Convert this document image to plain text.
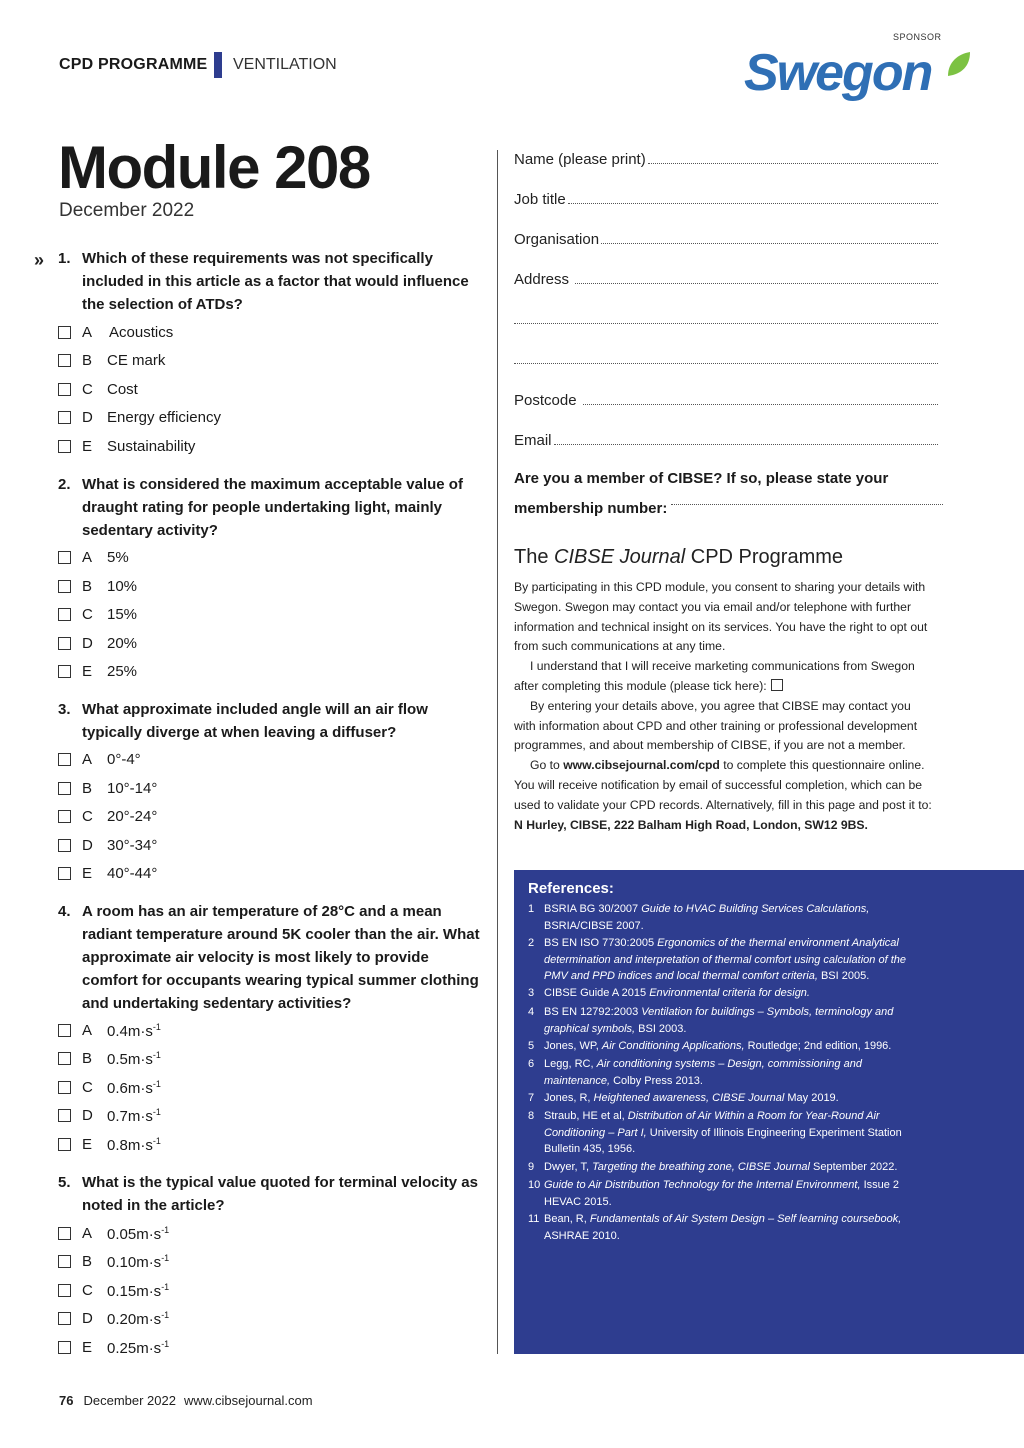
CPD PROGRAMME VENTILATION
SPONSOR
Swegon
Module 208
December 2022
» 1. Which of these requirements was not specifically included in this article as a factor that would influence the selection of ATDs?
A Acoustics
B CE mark
C Cost
D Energy efficiency
E Sustainability
2. What is considered the maximum acceptable value of draught rating for people undertaking light, mainly sedentary activity?
A 5%
B 10%
C 15%
D 20%
E 25%
3. What approximate included angle will an air flow typically diverge at when leaving a diffuser?
A 0°-4°
B 10°-14°
C 20°-24°
D 30°-34°
E 40°-44°
4. A room has an air temperature of 28°C and a mean radiant temperature around 5K cooler than the air. What approximate air velocity is most likely to provide comfort for occupants wearing typical summer clothing and undertaking sedentary activities?
A $0.4m\cdot s^{-1}$
B $0.5m\cdot s^{-1}$
C $0.6m\cdot s^{-1}$
D $0.7m\cdot s^{-1}$
E $0.8m\cdot s^{-1}$
5. What is the typical value quoted for terminal velocity as noted in the article?
A $0.05m\cdot s^{-1}$
B $0.10m\cdot s^{-1}$
C $0.15m\cdot s^{-1}$
D $0.20m\cdot s^{-1}$
E $0.25m\cdot s^{-1}$
Name (please print)
Job title
Organisation
Address
Postcode
Email
Are you a member of CIBSE? If so, please state your
membership number:
The CIBSE Journal CPD Programme

By participating in this CPD module, you consent to sharing your details with Swegon. Swegon may contact you via email and/or telephone with further information and technical insight on its services. You have the right to opt out from such communications at any time.

I understand that I will receive marketing communications from Swegon after completing this module (please tick here):

By entering your details above, you agree that CIBSE may contact you with information about CPD and other training or professional development programmes, and about membership of CIBSE, if you are not a member.

Go to www.cibsejournal.com/cpd to complete this questionnaire online. You will receive notification by email of successful completion, which can be used to validate your CPD records. Alternatively, fill in this page and post it to: N Hurley, CIBSE, 222 Balham High Road, London, SW12 9BS.

References:
1 BSRIA BG 30/2007 Guide to HVAC Building Services Calculations, BSRIA/CIBSE 2007.
2 BS EN ISO 7730:2005 Ergonomics of the thermal environment Analytical determination and interpretation of thermal comfort using calculation of the PMV and PPD indices and local thermal comfort criteria, BSI 2005.
3 CIBSE Guide A 2015 Environmental criteria for design.
4 BS EN 12792:2003 Ventilation for buildings – Symbols, terminology and graphical symbols, BSI 2003.
5 Jones, WP, Air Conditioning Applications, Routledge; 2nd edition, 1996.
6 Legg, RC, Air conditioning systems – Design, commissioning and maintenance, Colby Press 2013.
7 Jones, R, Heightened awareness, CIBSE Journal May 2019.
8 Straub, HE et al, Distribution of Air Within a Room for Year-Round Air Conditioning – Part I, University of Illinois Engineering Experiment Station Bulletin 435, 1956.
9 Dwyer, T, Targeting the breathing zone, CIBSE Journal September 2022.
10 Guide to Air Distribution Technology for the Internal Environment, Issue 2 HEVAC 2015.
11 Bean, R, Fundamentals of Air System Design – Self learning coursebook, ASHRAE 2010.
76 December 2022 www.cibsejournal.com
